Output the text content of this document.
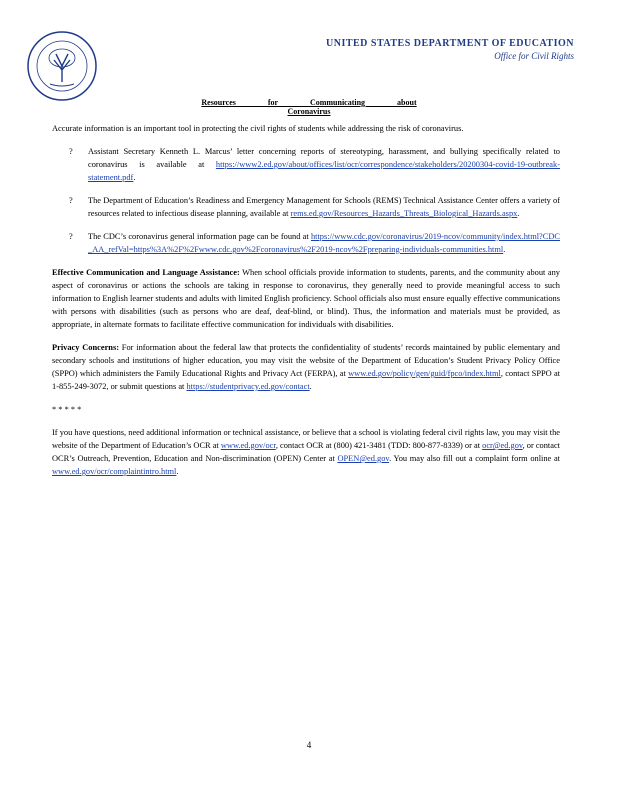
UNITED STATES DEPARTMENT OF EDUCATION
Office for Civil Rights
Resources for Communicating about Coronavirus

Accurate information is an important tool in protecting the civil rights of students while addressing the risk of coronavirus.

? Assistant Secretary Kenneth L. Marcus’ letter concerning reports of stereotyping, harassment, and bullying specifically related to coronavirus is available at https://www2.ed.gov/about/offices/list/ocr/correspondence/stakeholders/20200304-covid-19-outbreak-statement.pdf.
? The Department of Education’s Readiness and Emergency Management for Schools (REMS) Technical Assistance Center offers a variety of resources related to infectious disease planning, available at rems.ed.gov/Resources_Hazards_Threats_Biological_Hazards.aspx.
? The CDC’s coronavirus general information page can be found at https://www.cdc.gov/coronavirus/2019-ncov/community/index.html?CDC_AA_refVal=https%3A%2F%2Fwww.cdc.gov%2Fcoronavirus%2F2019-ncov%2Fpreparing-individuals-communities.html.

Effective Communication and Language Assistance: When school officials provide information to students, parents, and the community about any aspect of coronavirus or actions the schools are taking in response to coronavirus, they generally need to provide meaningful access to such information to English learner students and adults with limited English proficiency. School officials also must ensure equally effective communications with persons with disabilities (such as persons who are deaf, deaf-blind, or blind). Thus, the information and materials must be provided, as appropriate, in alternate formats to facilitate effective communication for individuals with disabilities.

Privacy Concerns: For information about the federal law that protects the confidentiality of students’ records maintained by public elementary and secondary schools and institutions of higher education, you may visit the website of the Department of Education’s Student Privacy Policy Office (SPPO) which administers the Family Educational Rights and Privacy Act (FERPA), at www.ed.gov/policy/gen/guid/fpco/index.html, contact SPPO at 1-855-249-3072, or submit questions at https://studentprivacy.ed.gov/contact.

* * * * *

If you have questions, need additional information or technical assistance, or believe that a school is violating federal civil rights law, you may visit the website of the Department of Education’s OCR at www.ed.gov/ocr, contact OCR at (800) 421-3481 (TDD: 800-877-8339) or at ocr@ed.gov, or contact OCR’s Outreach, Prevention, Education and Non-discrimination (OPEN) Center at OPEN@ed.gov. You may also fill out a complaint form online at www.ed.gov/ocr/complaintintro.html.

4
